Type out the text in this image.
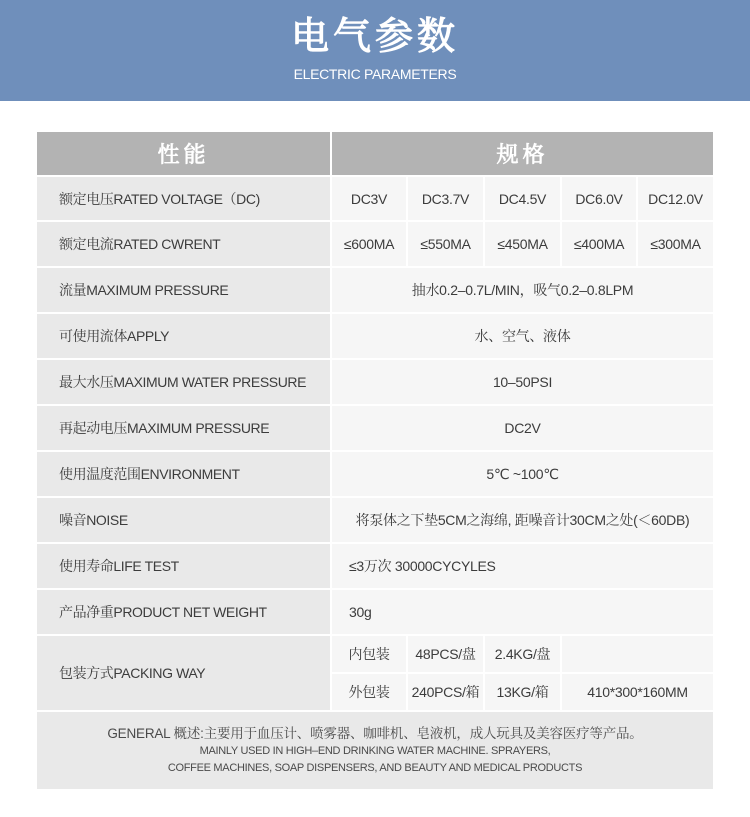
电气参数
ELECTRIC PARAMETERS
性能	规格
额定电压RATED VOLTAGE（DC)	DC3V	DC3.7V	DC4.5V	DC6.0V	DC12.0V
额定电流RATED CWRENT	≤600MA	≤550MA	≤450MA	≤400MA	≤300MA
流量MAXIMUM PRESSURE	抽水0.2–0.7L/MIN，吸气0.2–0.8LPM
可使用流体APPLY	水、空气、液体
最大水压MAXIMUM WATER PRESSURE	10–50PSI
再起动电压MAXIMUM PRESSURE	DC2V
使用温度范围ENVIRONMENT	5℃ ~100℃
噪音NOISE	将泵体之下垫5CM之海绵, 距噪音计30CM之处(＜60DB)
使用寿命LIFE TEST	≤3万次 30000CYCYLES
产品净重PRODUCT NET WEIGHT	30g
包装方式PACKING WAY
内包装	48PCS/盘	2.4KG/盘
外包装	240PCS/箱	13KG/箱	410*300*160MM
GENERAL 概述:主要用于血压计、喷雾器、咖啡机、皂液机，成人玩具及美容医疗等产品。
MAINLY USED IN HIGH–END DRINKING WATER MACHINE. SPRAYERS,
COFFEE MACHINES, SOAP DISPENSERS, AND BEAUTY AND MEDICAL PRODUCTS
